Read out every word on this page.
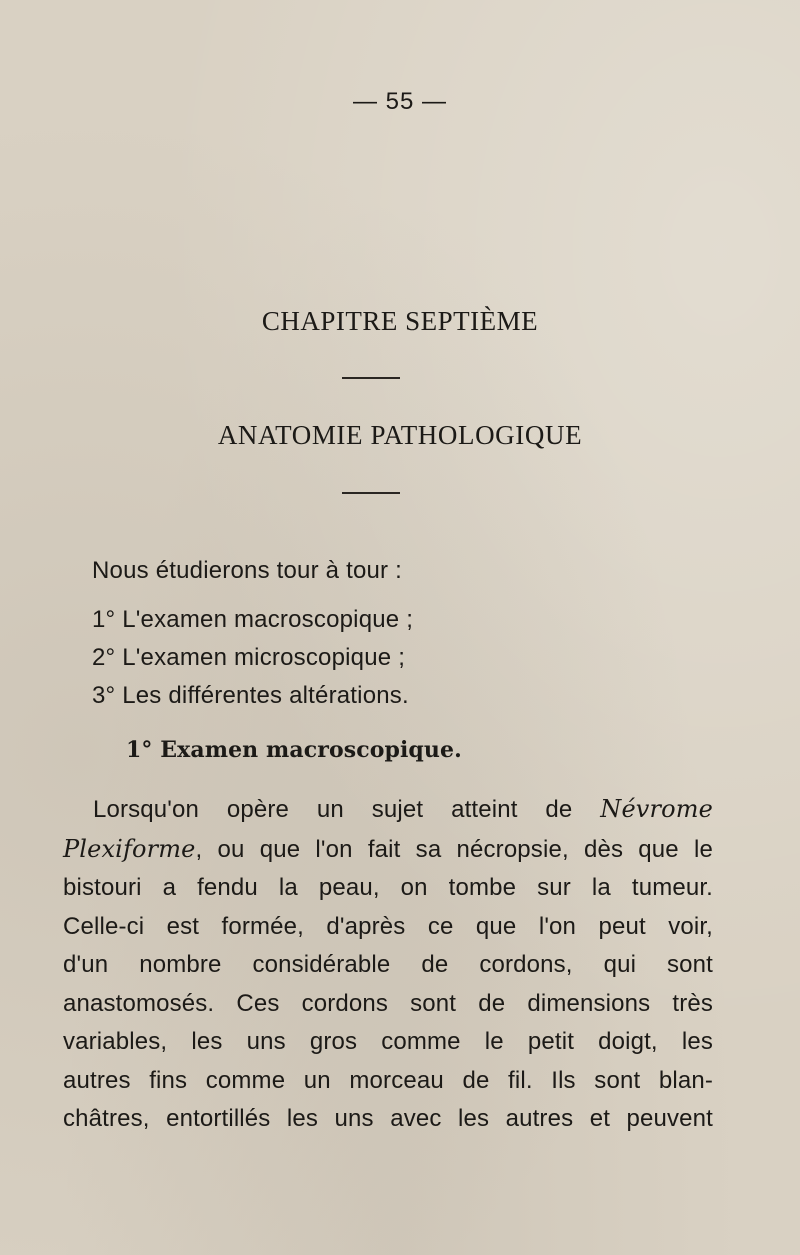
— 55 —
CHAPITRE SEPTIÈME
ANATOMIE PATHOLOGIQUE
Nous étudierons tour à tour :
1° L'examen macroscopique ;
2° L'examen microscopique ;
3° Les différentes altérations.
1° Examen macroscopique.
Lorsqu'on opère un sujet atteint de Névrome
Plexiforme, ou que l'on fait sa nécropsie, dès que le
bistouri a fendu la peau, on tombe sur la tumeur.
Celle-ci est formée, d'après ce que l'on peut voir,
d'un nombre considérable de cordons, qui sont
anastomosés. Ces cordons sont de dimensions très
variables, les uns gros comme le petit doigt, les
autres fins comme un morceau de fil. Ils sont blan-
châtres, entortillés les uns avec les autres et peuvent
